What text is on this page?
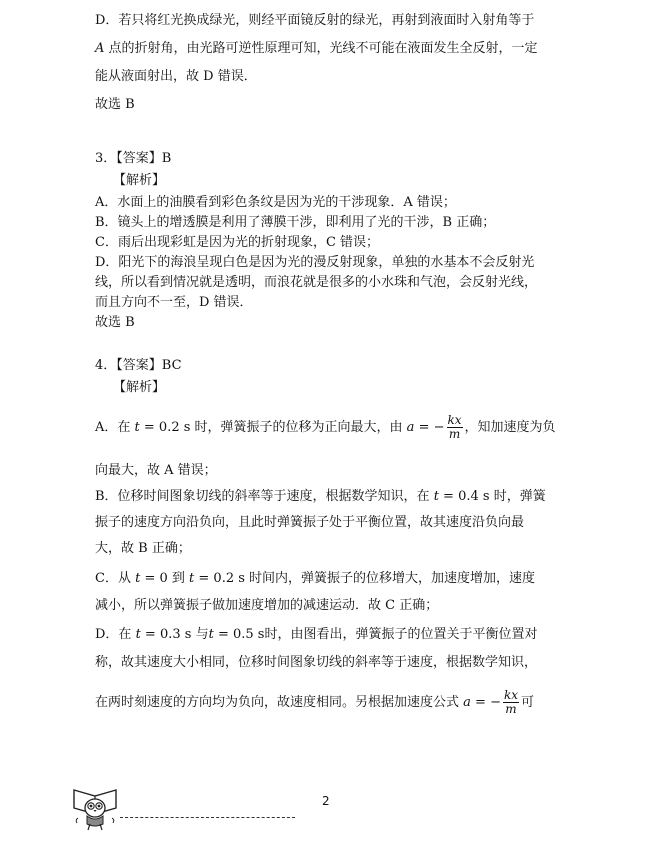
D．若只将红光换成绿光，则经平面镜反射的绿光，再射到液面时入射角等于
A 点的折射角，由光路可逆性原理可知，光线不可能在液面发生全反射，一定
能从液面射出，故 D 错误．
故选 B
3．【答案】B
【解析】
A．水面上的油膜看到彩色条纹是因为光的干涉现象．A 错误；
B．镜头上的增透膜是利用了薄膜干涉，即利用了光的干涉，B 正确；
C．雨后出现彩虹是因为光的折射现象，C 错误；
D．阳光下的海浪呈现白色是因为光的漫反射现象，单独的水基本不会反射光
线，所以看到情况就是透明，而浪花就是很多的小水珠和气泡，会反射光线，
而且方向不一至，D 错误．
故选 B
4．【答案】BC
【解析】
A．在 t = 0.2 s 时，弹簧振子的位移为正向最大，由 a = − $\frac{kx}{m}$ ，知加速度为负
向最大，故 A 错误；
B．位移时间图象切线的斜率等于速度，根据数学知识，在 t = 0.4 s 时，弹簧
振子的速度方向沿负向，且此时弹簧振子处于平衡位置，故其速度沿负向最
大，故 B 正确；
C．从 t = 0 到 t = 0.2 s 时间内，弹簧振子的位移增大，加速度增加，速度
减小，所以弹簧振子做加速度增加的减速运动．故 C 正确；
D．在 t = 0.3 s 与t = 0.5 s时，由图看出，弹簧振子的位置关于平衡位置对
称，故其速度大小相同，位移时间图象切线的斜率等于速度，根据数学知识，
在两时刻速度的方向均为负向，故速度相同。另根据加速度公式 a = − $\frac{kx}{m}$ 可
2
